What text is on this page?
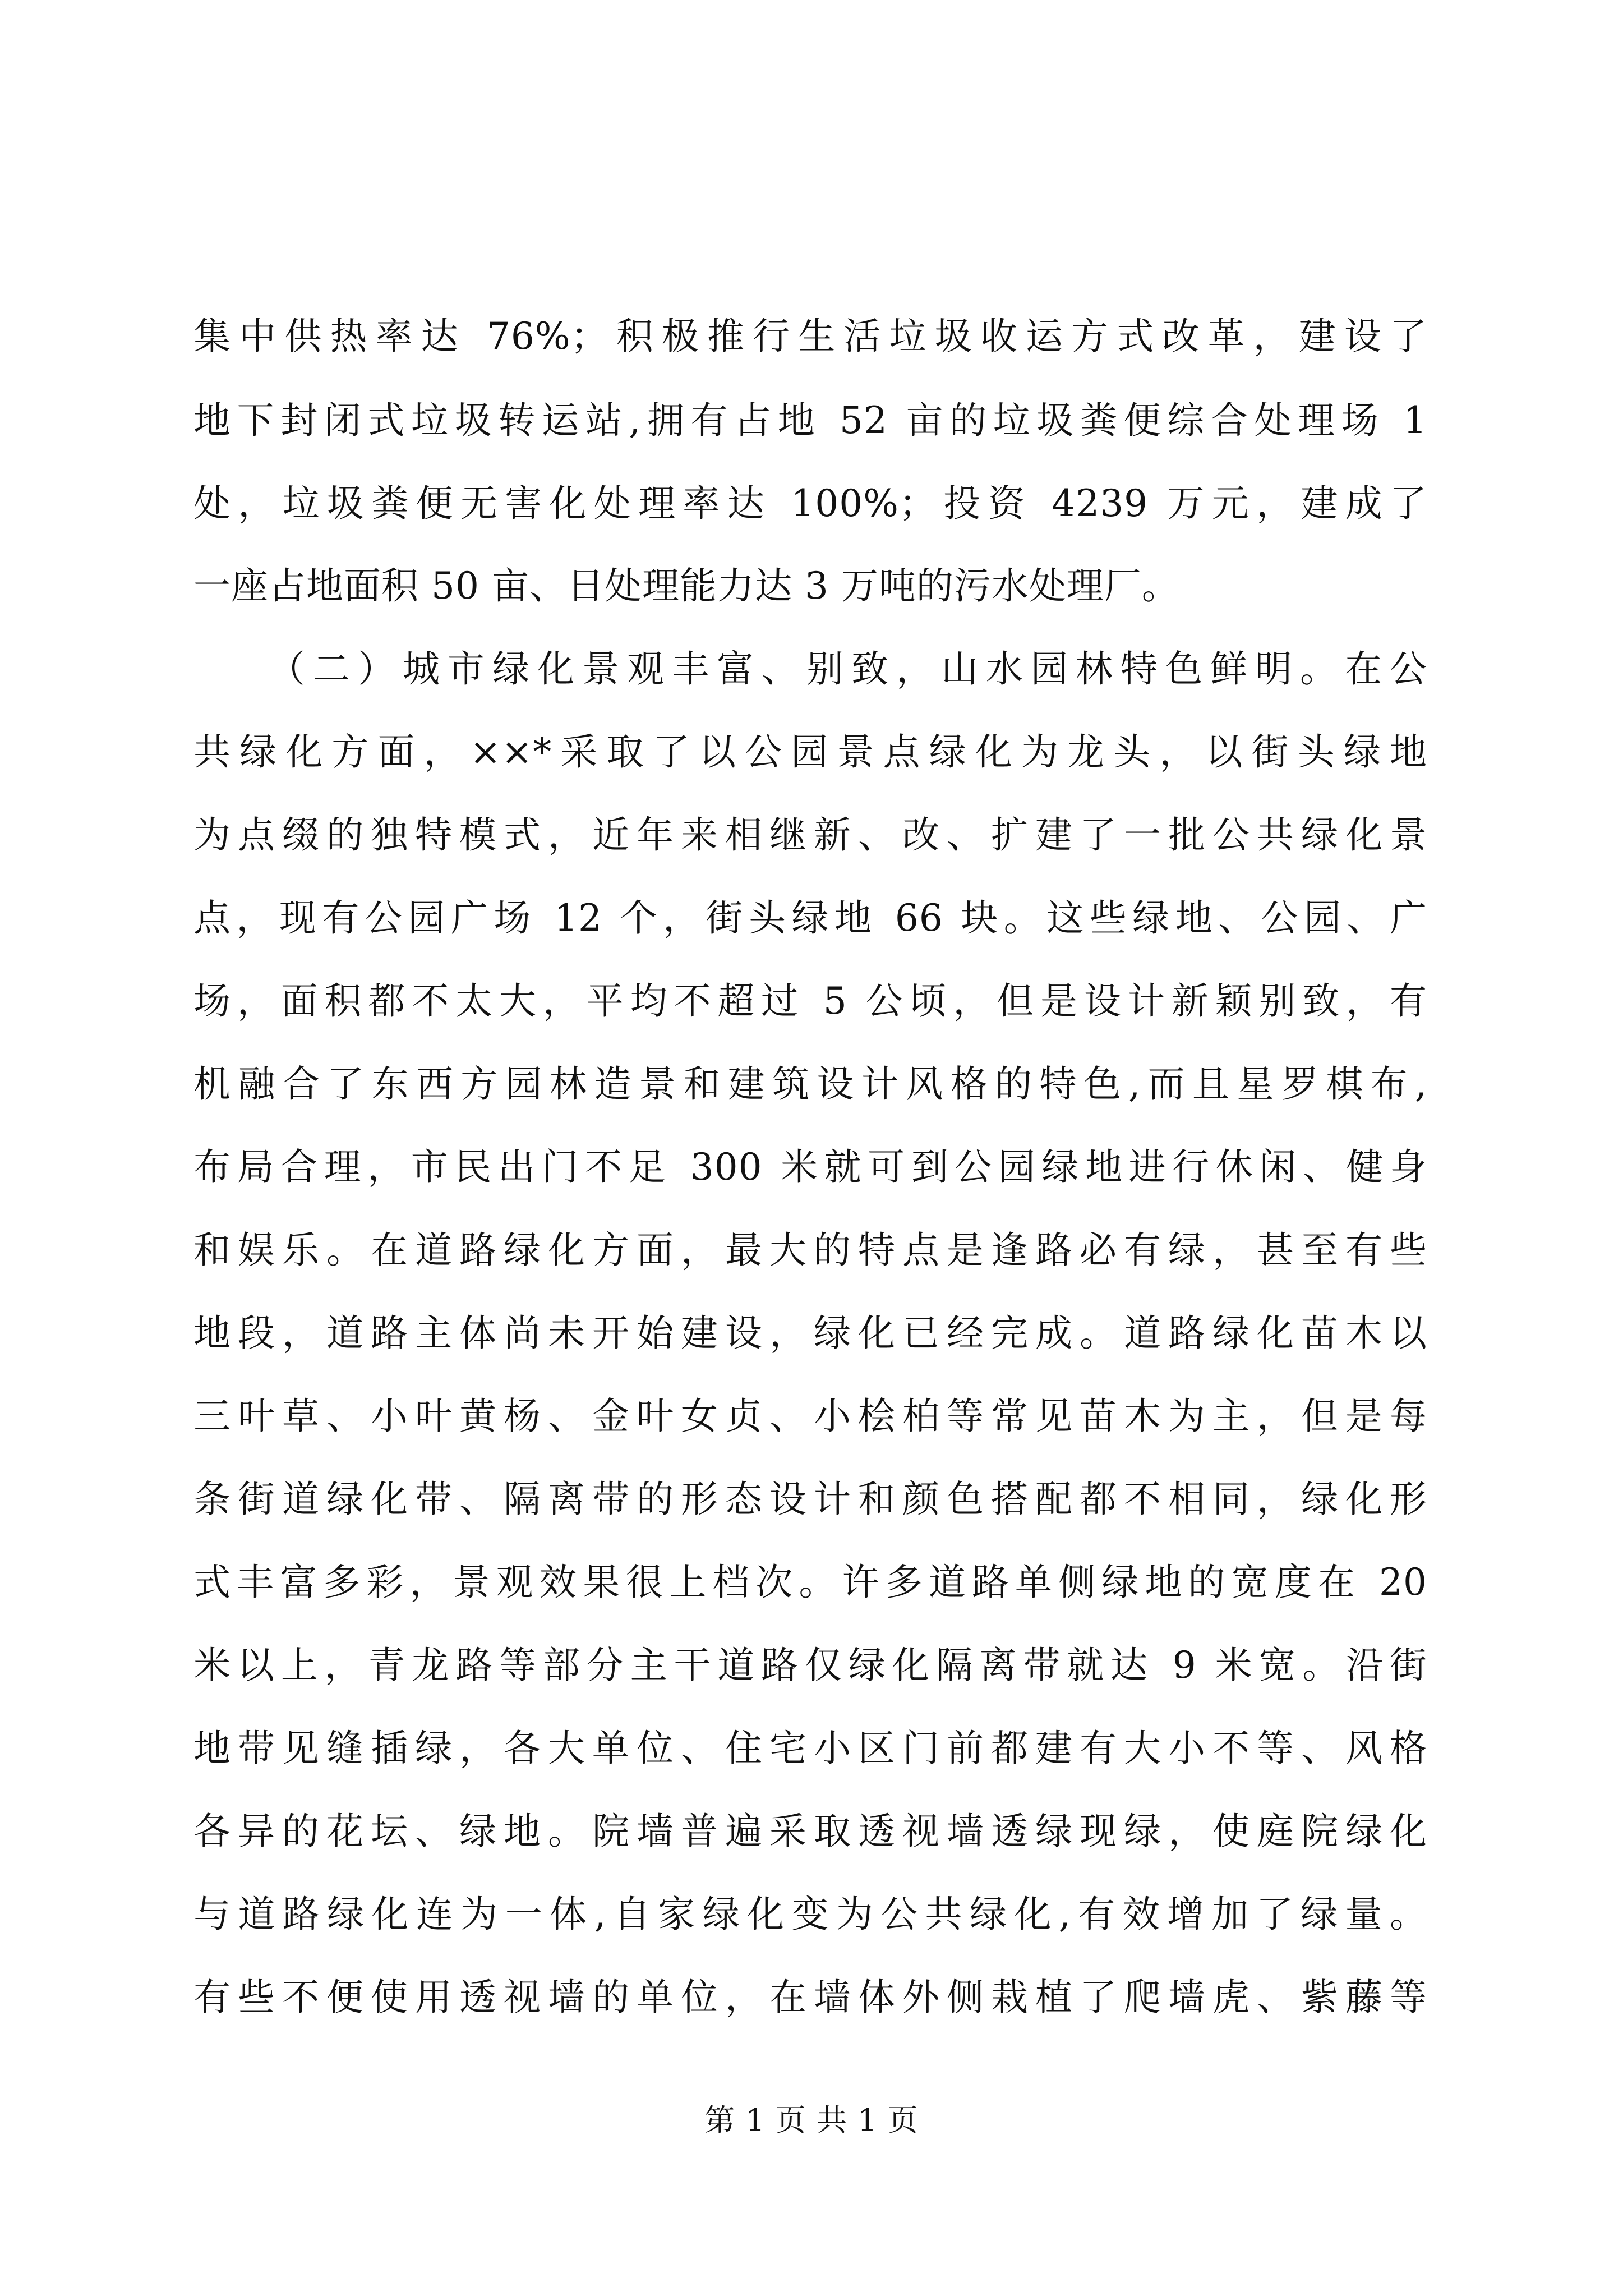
集中供热率达 76%；积极推行生活垃圾收运方式改革，建设了
地下封闭式垃圾转运站,拥有占地 52 亩的垃圾粪便综合处理场 1
处，垃圾粪便无害化处理率达 100%；投资 4239 万元，建成了
一座占地面积 50 亩、日处理能力达 3 万吨的污水处理厂。
（二）城市绿化景观丰富、别致，山水园林特色鲜明。在公
共绿化方面，××*采取了以公园景点绿化为龙头，以街头绿地
为点缀的独特模式，近年来相继新、改、扩建了一批公共绿化景
点，现有公园广场 12 个，街头绿地 66 块。这些绿地、公园、广
场，面积都不太大，平均不超过 5 公顷，但是设计新颖别致，有
机融合了东西方园林造景和建筑设计风格的特色,而且星罗棋布,
布局合理，市民出门不足 300 米就可到公园绿地进行休闲、健身
和娱乐。在道路绿化方面，最大的特点是逢路必有绿，甚至有些
地段，道路主体尚未开始建设，绿化已经完成。道路绿化苗木以
三叶草、小叶黄杨、金叶女贞、小桧柏等常见苗木为主，但是每
条街道绿化带、隔离带的形态设计和颜色搭配都不相同，绿化形
式丰富多彩，景观效果很上档次。许多道路单侧绿地的宽度在 20
米以上，青龙路等部分主干道路仅绿化隔离带就达 9 米宽。沿街
地带见缝插绿，各大单位、住宅小区门前都建有大小不等、风格
各异的花坛、绿地。院墙普遍采取透视墙透绿现绿，使庭院绿化
与道路绿化连为一体,自家绿化变为公共绿化,有效增加了绿量。
有些不便使用透视墙的单位，在墙体外侧栽植了爬墙虎、紫藤等
第 1 页 共 1 页
